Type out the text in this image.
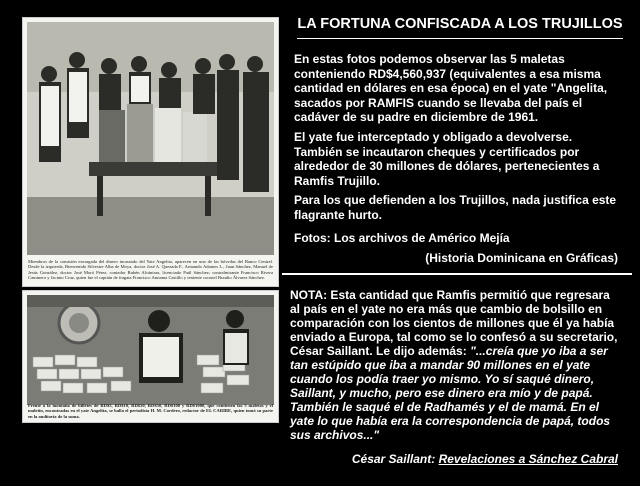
Miembros de la comisión encargada del dinero incautado del Yate Angelita, aparecen en uno de las bóvedas del Banco Central. Desde la izquierda, Bienvenido Silvestre Alba de Moya, doctor José A. Quezada F., Armando Adames L., Juan Sánchez, Manuel de Jesús González, doctor José Moró Pérez, contador Rubén Alcántara, licenciado Paúl Sánchez; contralmirante Francisco Rivera Caminero y Jacinto Cruz, quien fue el capitán de fragata Francisco Amiama Castillo y teniente coronel Braulio Álvarez Sánchez.
Frente a la montaña de billetes de RD$5, RD$10, RD$20, RD$50, RD$100 y RD$1000, que contienen las 5 maletas y el maletín, encontradas en el yate Angelita, se halla el periodista H. M. Cordero, redactor de EL CARIBE, quien tomó su parte en la auditoría de la suma.
LA FORTUNA CONFISCADA A LOS TRUJILLOS

En estas fotos podemos observar las 5 maletas conteniendo RD$4,560,937 (equivalentes a esa misma cantidad en dólares en esa época) en el yate "Angelita, sacados por RAMFIS cuando se llevaba del país el cadáver de su padre en diciembre de 1961.

El yate fue interceptado y obligado a devolverse. También se incautaron cheques y certificados por alrededor de 30 millones de dólares, pertenecientes a Ramfis Trujillo.

Para los que defienden a los Trujillos, nada justifica este flagrante hurto.

Fotos: Los archivos de Américo Mejía

(Historia Dominicana en Gráficas)

NOTA: Esta cantidad que Ramfis permitió que regresara al país en el yate no era más que cambio de bolsillo en comparación con los cientos de millones que él ya había enviado a Europa, tal como se lo confesó a su secretario, César Saillant. Le dijo además: "...creía que yo iba a ser tan estúpido que iba a mandar 90 millones en el yate cuando los podía traer yo mismo. Yo sí saqué dinero, Saillant, y mucho, pero ese dinero era mío y de papá. También le saqué el de Radhamés y el de mamá. En el yate lo que había era la correspondencia de papá, todos sus archivos..."

César Saillant: Revelaciones a Sánchez Cabral
